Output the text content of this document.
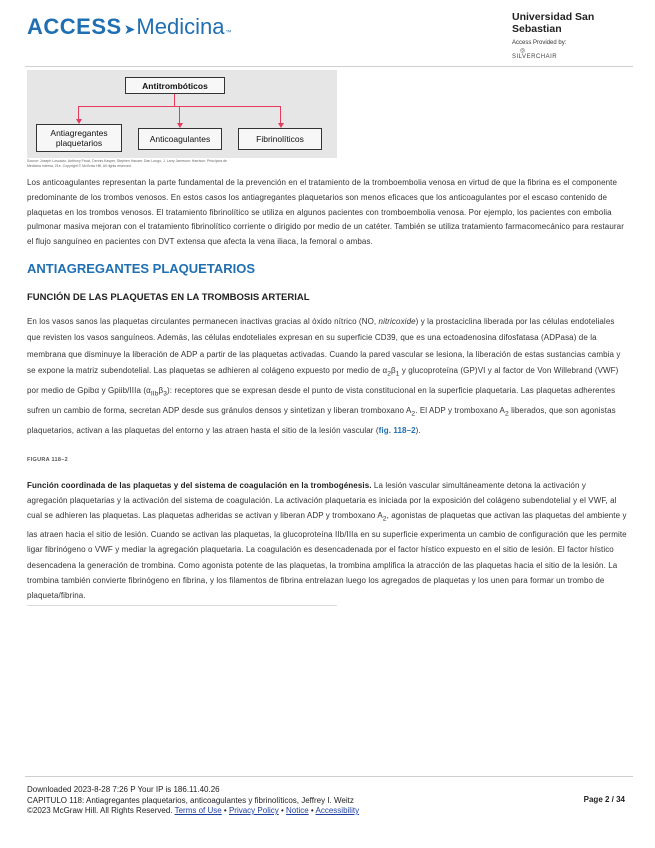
ACCESS ➤ Medicina ™
Universidad San Sebastian
Access Provided by:
◎
SILVERCHAIR
Antitrombóticos
Antiagregantes
plaquetarios	Anticoagulantes	Fibrinolíticos
Source: Joseph Loscalzo, Anthony Fauci, Dennis Kasper, Stephen Hauser, Dan Longo, J. Larry Jameson: Harrison. Principios de Medicina Interna, 21e. Copyright © McGraw Hill. All rights reserved.

Los anticoagulantes representan la parte fundamental de la prevención en el tratamiento de la tromboembolia venosa en virtud de que la fibrina es el componente predominante de los trombos venosos. En estos casos los antiagregantes plaquetarios son menos eficaces que los anticoagulantes por el escaso contenido de plaquetas en los trombos venosos. El tratamiento fibrinolítico se utiliza en algunos pacientes con tromboembolia venosa. Por ejemplo, los pacientes con embolia pulmonar masiva mejoran con el tratamiento fibrinolítico corriente o dirigido por medio de un catéter. También se utiliza tratamiento farmacomecánico para restaurar el flujo sanguíneo en pacientes con DVT extensa que afecta la vena iliaca, la femoral o ambas.

ANTIAGREGANTES PLAQUETARIOS
FUNCIÓN DE LAS PLAQUETAS EN LA TROMBOSIS ARTERIAL

En los vasos sanos las plaquetas circulantes permanecen inactivas gracias al óxido nítrico (NO, nitricoxide) y la prostaciclina liberada por las células endoteliales que revisten los vasos sanguíneos. Además, las células endoteliales expresan en su superficie CD39, que es una ectoadenosina difosfatasa (ADPasa) de la membrana que disminuye la liberación de ADP a partir de las plaquetas activadas. Cuando la pared vascular se lesiona, la liberación de estas sustancias cambia y se expone la matriz subendotelial. Las plaquetas se adhieren al colágeno expuesto por medio de $\alpha_2\beta_1$ y glucoproteína (GP)VI y al factor de Von Willebrand (VWF) por medio de Gpibα y Gpiib/IIIa $(\alpha_{IIb}\beta_3)$: receptores que se expresan desde el punto de vista constitucional en la superficie plaquetaria. Las plaquetas adherentes sufren un cambio de forma, secretan ADP desde sus gránulos densos y sintetizan y liberan tromboxano $A_2$. El ADP y tromboxano $A_2$ liberados, que son agonistas plaquetarios, activan a las plaquetas del entorno y las atraen hasta el sitio de la lesión vascular (fig. 118–2).

FIGURA 118–2

Función coordinada de las plaquetas y del sistema de coagulación en la trombogénesis. La lesión vascular simultáneamente detona la activación y agregación plaquetarias y la activación del sistema de coagulación. La activación plaquetaria es iniciada por la exposición del colágeno subendotelial y el VWF, al cual se adhieren las plaquetas. Las plaquetas adheridas se activan y liberan ADP y tromboxano $A_2$, agonistas de plaquetas que activan las plaquetas del ambiente y las atraen hacia el sitio de lesión. Cuando se activan las plaquetas, la glucoproteína IIb/IIIa en su superficie experimenta un cambio de configuración que les permite ligar fibrinógeno o VWF y mediar la agregación plaquetaria. La coagulación es desencadenada por el factor hístico expuesto en el sitio de lesión. El factor hístico desencadena la generación de trombina. Como agonista potente de las plaquetas, la trombina amplifica la atracción de las plaquetas hacia el sitio de la lesión. La trombina también convierte fibrinógeno en fibrina, y los filamentos de fibrina entrelazan luego los agregados de plaquetas y los unen para formar un trombo de plaqueta/fibrina.

Downloaded 2023-8-28 7:26 P Your IP is 186.11.40.26
CAPITULO 118: Antiagregantes plaquetarios, anticoagulantes y fibrinolíticos, Jeffrey I. Weitz
©2023 McGraw Hill. All Rights Reserved. Terms of Use • Privacy Policy • Notice • Accessibility
Page 2 / 34
